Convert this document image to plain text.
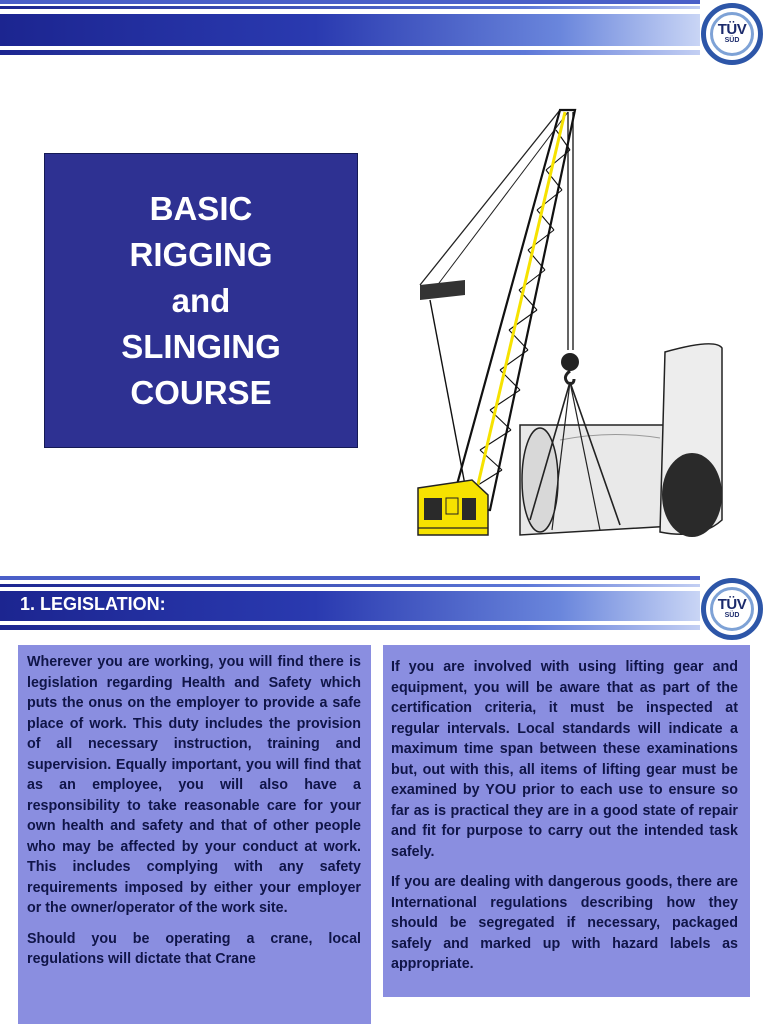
TÜV
SÜD
BASIC
RIGGING
and
SLINGING
COURSE
1. LEGISLATION:	TÜV
SÜD

Wherever you are working, you will find there is legislation regarding Health and Safety which puts the onus on the employer to provide a safe place of work. This duty includes the provision of all necessary instruction, training and supervision. Equally important, you will find that as an employee, you will also have a responsibility to take reasonable care for your own health and safety and that of other people who may be affected by your conduct at work. This includes complying with any safety requirements imposed by either your employer or the owner/operator of the work site.

Should you be operating a crane, local regulations will dictate that Crane

If you are involved with using lifting gear and equipment, you will be aware that as part of the certification criteria, it must be inspected at regular intervals. Local standards will indicate a maximum time span between these examinations but, out with this, all items of lifting gear must be examined by YOU prior to each use to ensure so far as is practical they are in a good state of repair and fit for purpose to carry out the intended task safely.

If you are dealing with dangerous goods, there are International regulations describing how they should be segregated if necessary, packaged safely and marked up with hazard labels as appropriate.
